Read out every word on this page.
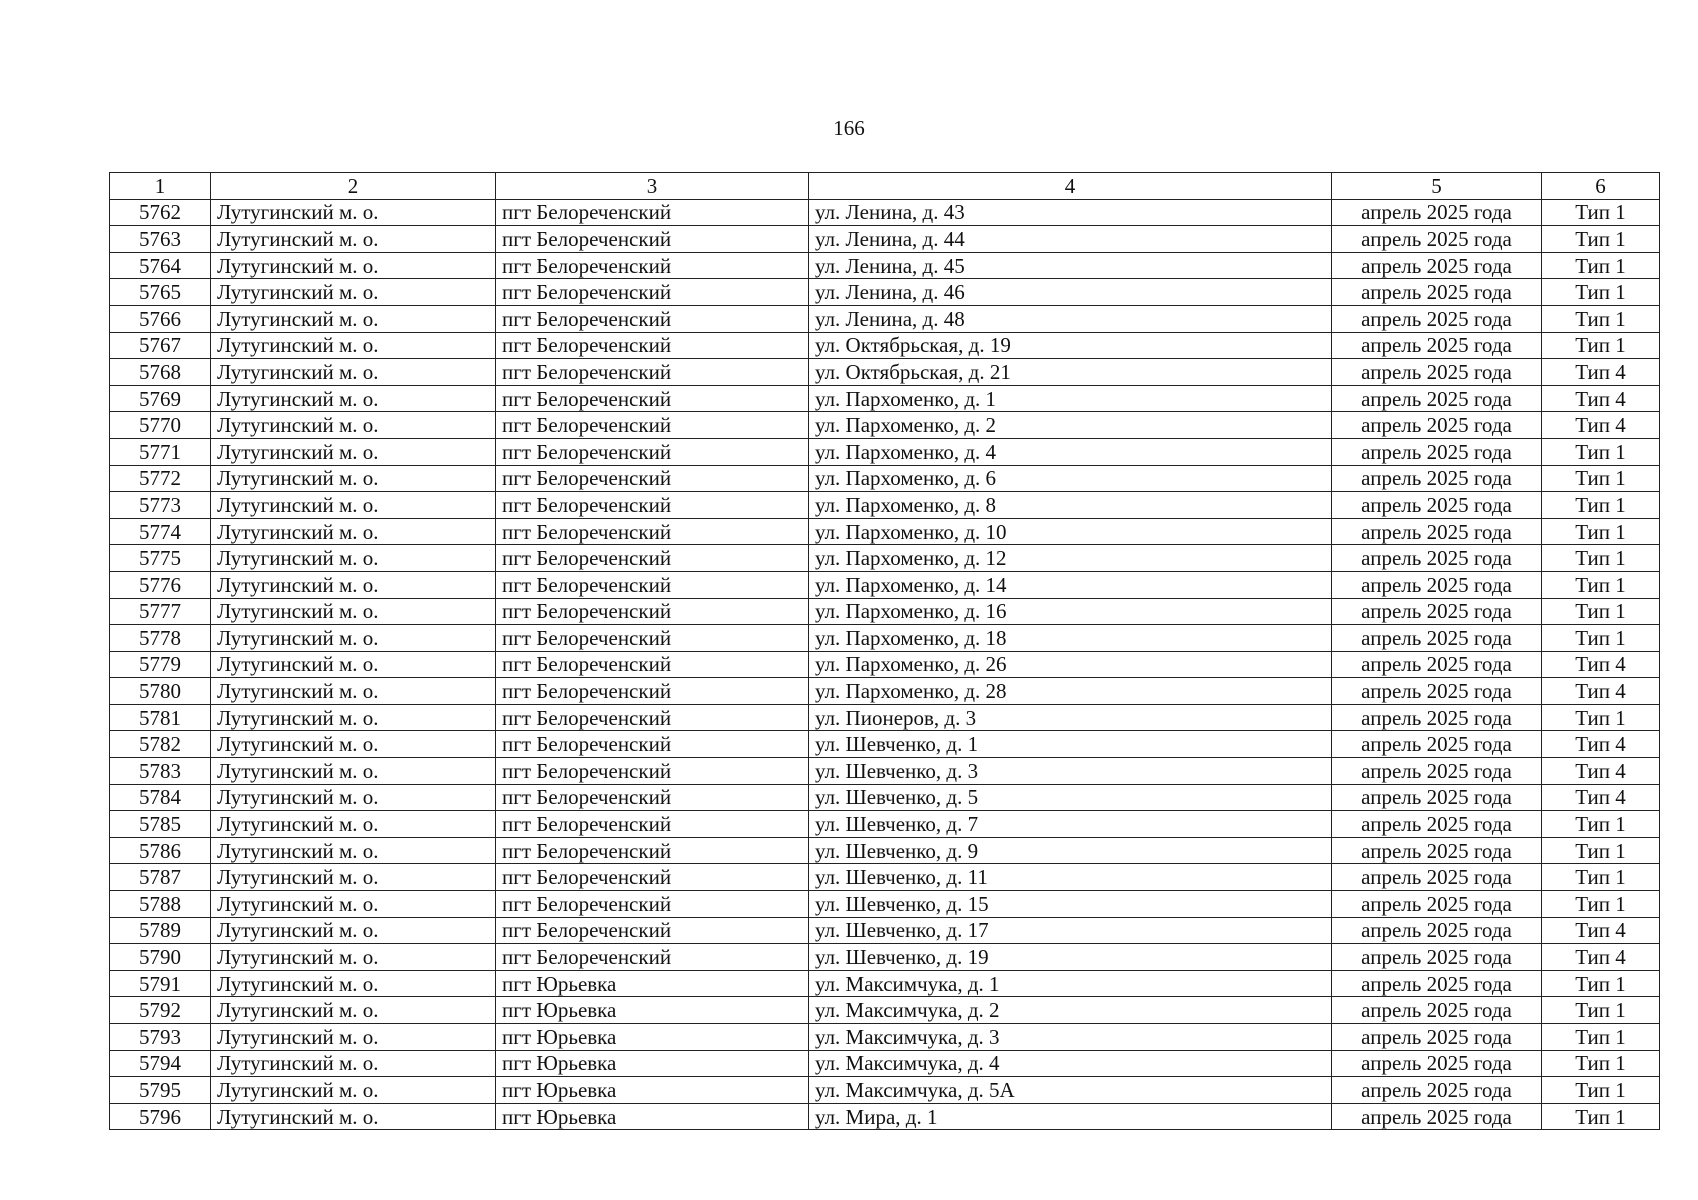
166
1	2	3	4	5	6
5762	Лутугинский м. о.	пгт Белореченский	ул. Ленина, д. 43	апрель 2025 года	Тип 1
5763	Лутугинский м. о.	пгт Белореченский	ул. Ленина, д. 44	апрель 2025 года	Тип 1
5764	Лутугинский м. о.	пгт Белореченский	ул. Ленина, д. 45	апрель 2025 года	Тип 1
5765	Лутугинский м. о.	пгт Белореченский	ул. Ленина, д. 46	апрель 2025 года	Тип 1
5766	Лутугинский м. о.	пгт Белореченский	ул. Ленина, д. 48	апрель 2025 года	Тип 1
5767	Лутугинский м. о.	пгт Белореченский	ул. Октябрьская, д. 19	апрель 2025 года	Тип 1
5768	Лутугинский м. о.	пгт Белореченский	ул. Октябрьская, д. 21	апрель 2025 года	Тип 4
5769	Лутугинский м. о.	пгт Белореченский	ул. Пархоменко, д. 1	апрель 2025 года	Тип 4
5770	Лутугинский м. о.	пгт Белореченский	ул. Пархоменко, д. 2	апрель 2025 года	Тип 4
5771	Лутугинский м. о.	пгт Белореченский	ул. Пархоменко, д. 4	апрель 2025 года	Тип 1
5772	Лутугинский м. о.	пгт Белореченский	ул. Пархоменко, д. 6	апрель 2025 года	Тип 1
5773	Лутугинский м. о.	пгт Белореченский	ул. Пархоменко, д. 8	апрель 2025 года	Тип 1
5774	Лутугинский м. о.	пгт Белореченский	ул. Пархоменко, д. 10	апрель 2025 года	Тип 1
5775	Лутугинский м. о.	пгт Белореченский	ул. Пархоменко, д. 12	апрель 2025 года	Тип 1
5776	Лутугинский м. о.	пгт Белореченский	ул. Пархоменко, д. 14	апрель 2025 года	Тип 1
5777	Лутугинский м. о.	пгт Белореченский	ул. Пархоменко, д. 16	апрель 2025 года	Тип 1
5778	Лутугинский м. о.	пгт Белореченский	ул. Пархоменко, д. 18	апрель 2025 года	Тип 1
5779	Лутугинский м. о.	пгт Белореченский	ул. Пархоменко, д. 26	апрель 2025 года	Тип 4
5780	Лутугинский м. о.	пгт Белореченский	ул. Пархоменко, д. 28	апрель 2025 года	Тип 4
5781	Лутугинский м. о.	пгт Белореченский	ул. Пионеров, д. 3	апрель 2025 года	Тип 1
5782	Лутугинский м. о.	пгт Белореченский	ул. Шевченко, д. 1	апрель 2025 года	Тип 4
5783	Лутугинский м. о.	пгт Белореченский	ул. Шевченко, д. 3	апрель 2025 года	Тип 4
5784	Лутугинский м. о.	пгт Белореченский	ул. Шевченко, д. 5	апрель 2025 года	Тип 4
5785	Лутугинский м. о.	пгт Белореченский	ул. Шевченко, д. 7	апрель 2025 года	Тип 1
5786	Лутугинский м. о.	пгт Белореченский	ул. Шевченко, д. 9	апрель 2025 года	Тип 1
5787	Лутугинский м. о.	пгт Белореченский	ул. Шевченко, д. 11	апрель 2025 года	Тип 1
5788	Лутугинский м. о.	пгт Белореченский	ул. Шевченко, д. 15	апрель 2025 года	Тип 1
5789	Лутугинский м. о.	пгт Белореченский	ул. Шевченко, д. 17	апрель 2025 года	Тип 4
5790	Лутугинский м. о.	пгт Белореченский	ул. Шевченко, д. 19	апрель 2025 года	Тип 4
5791	Лутугинский м. о.	пгт Юрьевка	ул. Максимчука, д. 1	апрель 2025 года	Тип 1
5792	Лутугинский м. о.	пгт Юрьевка	ул. Максимчука, д. 2	апрель 2025 года	Тип 1
5793	Лутугинский м. о.	пгт Юрьевка	ул. Максимчука, д. 3	апрель 2025 года	Тип 1
5794	Лутугинский м. о.	пгт Юрьевка	ул. Максимчука, д. 4	апрель 2025 года	Тип 1
5795	Лутугинский м. о.	пгт Юрьевка	ул. Максимчука, д. 5А	апрель 2025 года	Тип 1
5796	Лутугинский м. о.	пгт Юрьевка	ул. Мира, д. 1	апрель 2025 года	Тип 1
